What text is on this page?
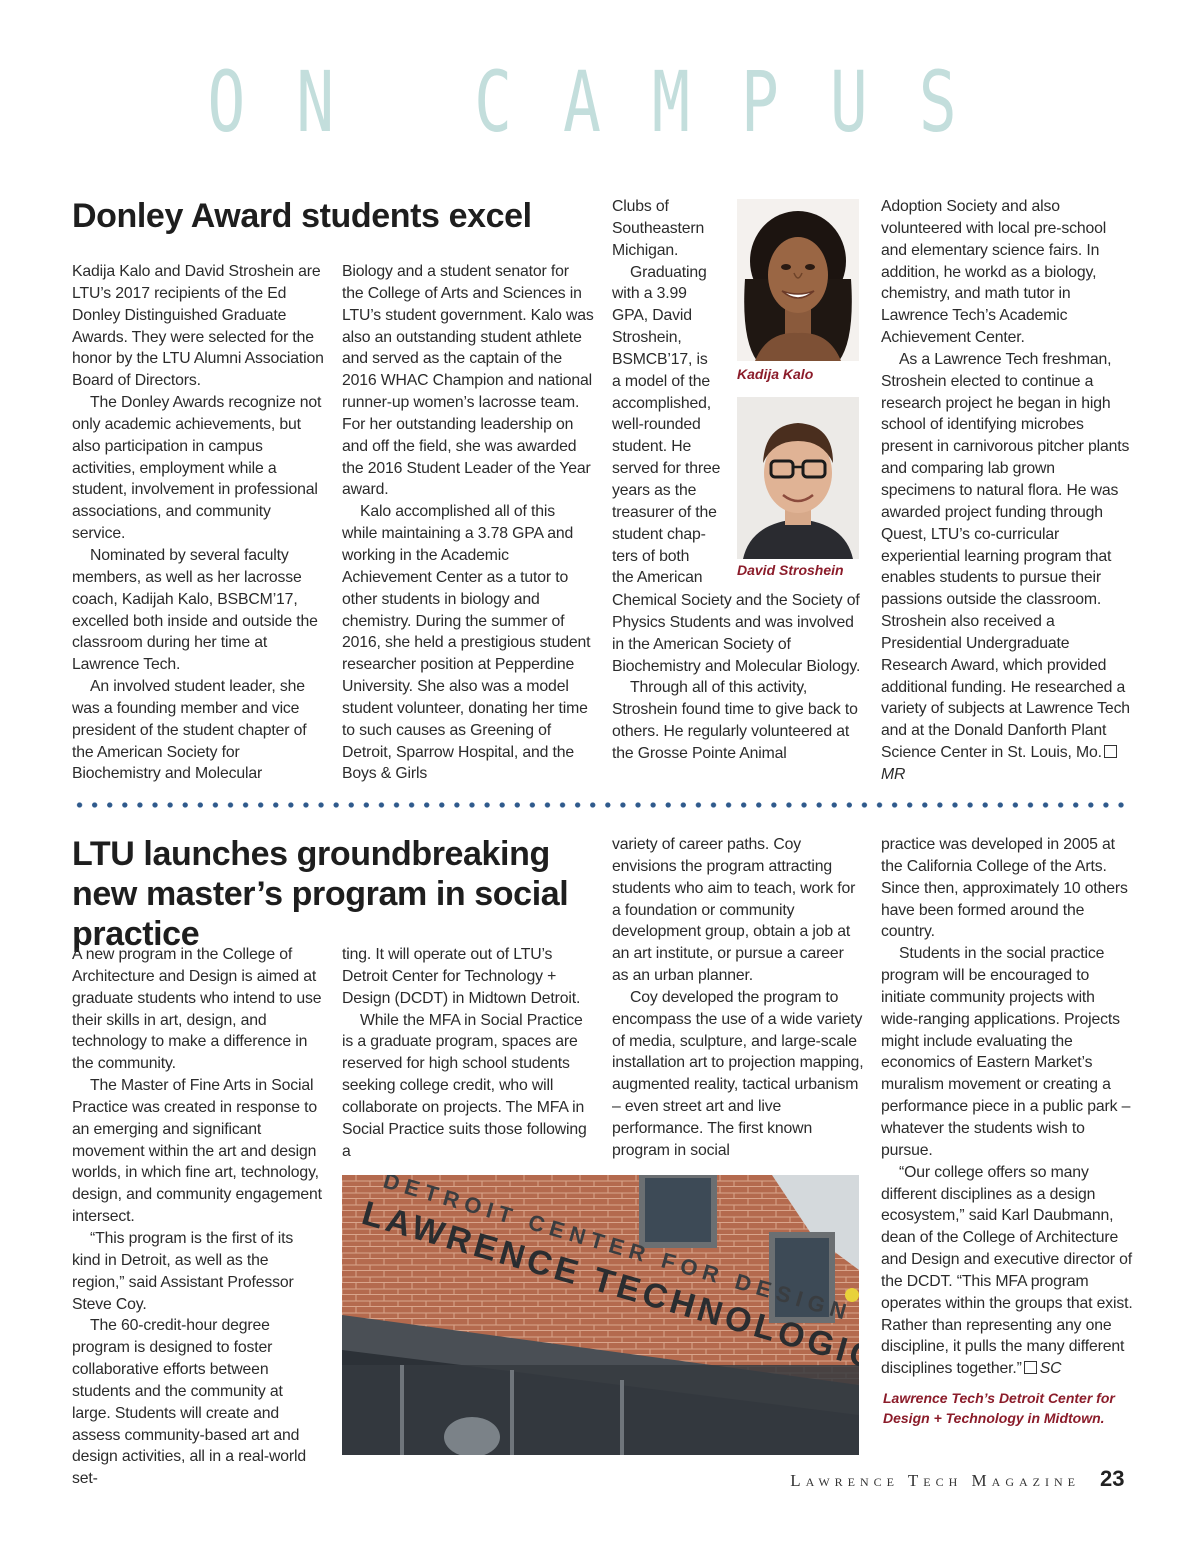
ON CAMPUS
Donley Award students excel

Kadija Kalo and David Stroshein are LTU’s 2017 recipients of the Ed Donley Distinguished Graduate Awards. They were selected for the honor by the LTU Alumni Association Board of Directors.

The Donley Awards recognize not only academic achievements, but also participation in campus activities, employment while a student, involvement in professional associations, and community service.

Nominated by several faculty members, as well as her lacrosse coach, Kadijah Kalo, BSBCM’17, excelled both inside and outside the classroom during her time at Lawrence Tech.

An involved student leader, she was a founding member and vice president of the student chapter of the American Society for Biochemistry and Molecular

Biology and a student senator for the College of Arts and Sciences in LTU’s student government. Kalo was also an outstanding student athlete and served as the captain of the 2016 WHAC Champion and national runner-up women’s lacrosse team. For her outstanding leadership on and off the field, she was awarded the 2016 Student Leader of the Year award.

Kalo accomplished all of this while maintaining a 3.78 GPA and working in the Academic Achievement Center as a tutor to other students in biology and chemistry. During the summer of 2016, she held a prestigious student researcher position at Pepperdine University. She also was a model student volunteer, donating her time to such causes as Greening of Detroit, Sparrow Hospital, and the Boys & Girls

Clubs of
Southeastern
Michigan.
Graduating
with a 3.99
GPA, David
Stroshein,
BSMCB’17, is
a model of the
accomplished,
well-rounded
student. He
served for three
years as the
treasurer of the
student chap-
ters of both
the American

Chemical Society and the Society of Physics Students and was involved in the American Society of Biochemistry and Molecular Biology.

Through all of this activity, Stroshein found time to give back to others. He regularly volunteered at the Grosse Pointe Animal

Kadija Kalo
David Stroshein

Adoption Society and also volunteered with local pre-school and elementary science fairs. In addition, he workd as a biology, chemistry, and math tutor in Lawrence Tech’s Academic Achievement Center.

As a Lawrence Tech freshman, Stroshein elected to continue a research project he began in high school of identifying microbes present in carnivorous pitcher plants and comparing lab grown specimens to natural flora. He was awarded project funding through Quest, LTU’s co-curricular experiential learning program that enables students to pursue their passions outside the classroom. Stroshein also received a Presidential Undergraduate Research Award, which provided additional funding. He researched a variety of subjects at Lawrence Tech and at the Donald Danforth Plant Science Center in St. Louis, Mo.MR

LTU launches groundbreaking new master’s program in social practice

A new program in the College of Architecture and Design is aimed at graduate students who intend to use their skills in art, design, and technology to make a difference in the community.

The Master of Fine Arts in Social Practice was created in response to an emerging and significant movement within the art and design worlds, in which fine art, technology, design, and community engagement intersect.

“This program is the first of its kind in Detroit, as well as the region,” said Assistant Professor Steve Coy.

The 60-credit-hour degree program is designed to foster collaborative efforts between students and the community at large. Students will create and assess community-based art and design activities, all in a real-world set-

ting. It will operate out of LTU’s Detroit Center for Technology + Design (DCDT) in Midtown Detroit.

While the MFA in Social Practice is a graduate program, spaces are reserved for high school students seeking college credit, who will collaborate on projects. The MFA in Social Practice suits those following a

variety of career paths. Coy envisions the program attracting students who aim to teach, work for a foundation or community development group, obtain a job at an art institute, or pursue a career as an urban planner.

Coy developed the program to encompass the use of a wide variety of media, sculpture, and large-scale installation art to projection mapping, augmented reality, tactical urbanism – even street art and live performance. The first known program in social

practice was developed in 2005 at the California College of the Arts. Since then, approximately 10 others have been formed around the country.

Students in the social practice program will be encouraged to initiate community projects with wide-ranging applications. Projects might include evaluating the economics of Eastern Market’s muralism movement or creating a performance piece in a public park – whatever the students wish to pursue.

“Our college offers so many different disciplines as a design ecosystem,” said Karl Daubmann, dean of the College of Architecture and Design and executive director of the DCDT. “This MFA program operates within the groups that exist. Rather than representing any one discipline, it pulls the many different disciplines together.” SC

Lawrence Tech’s Detroit Center for
Design + Technology in Midtown.
Lawrence Tech Magazine 23
